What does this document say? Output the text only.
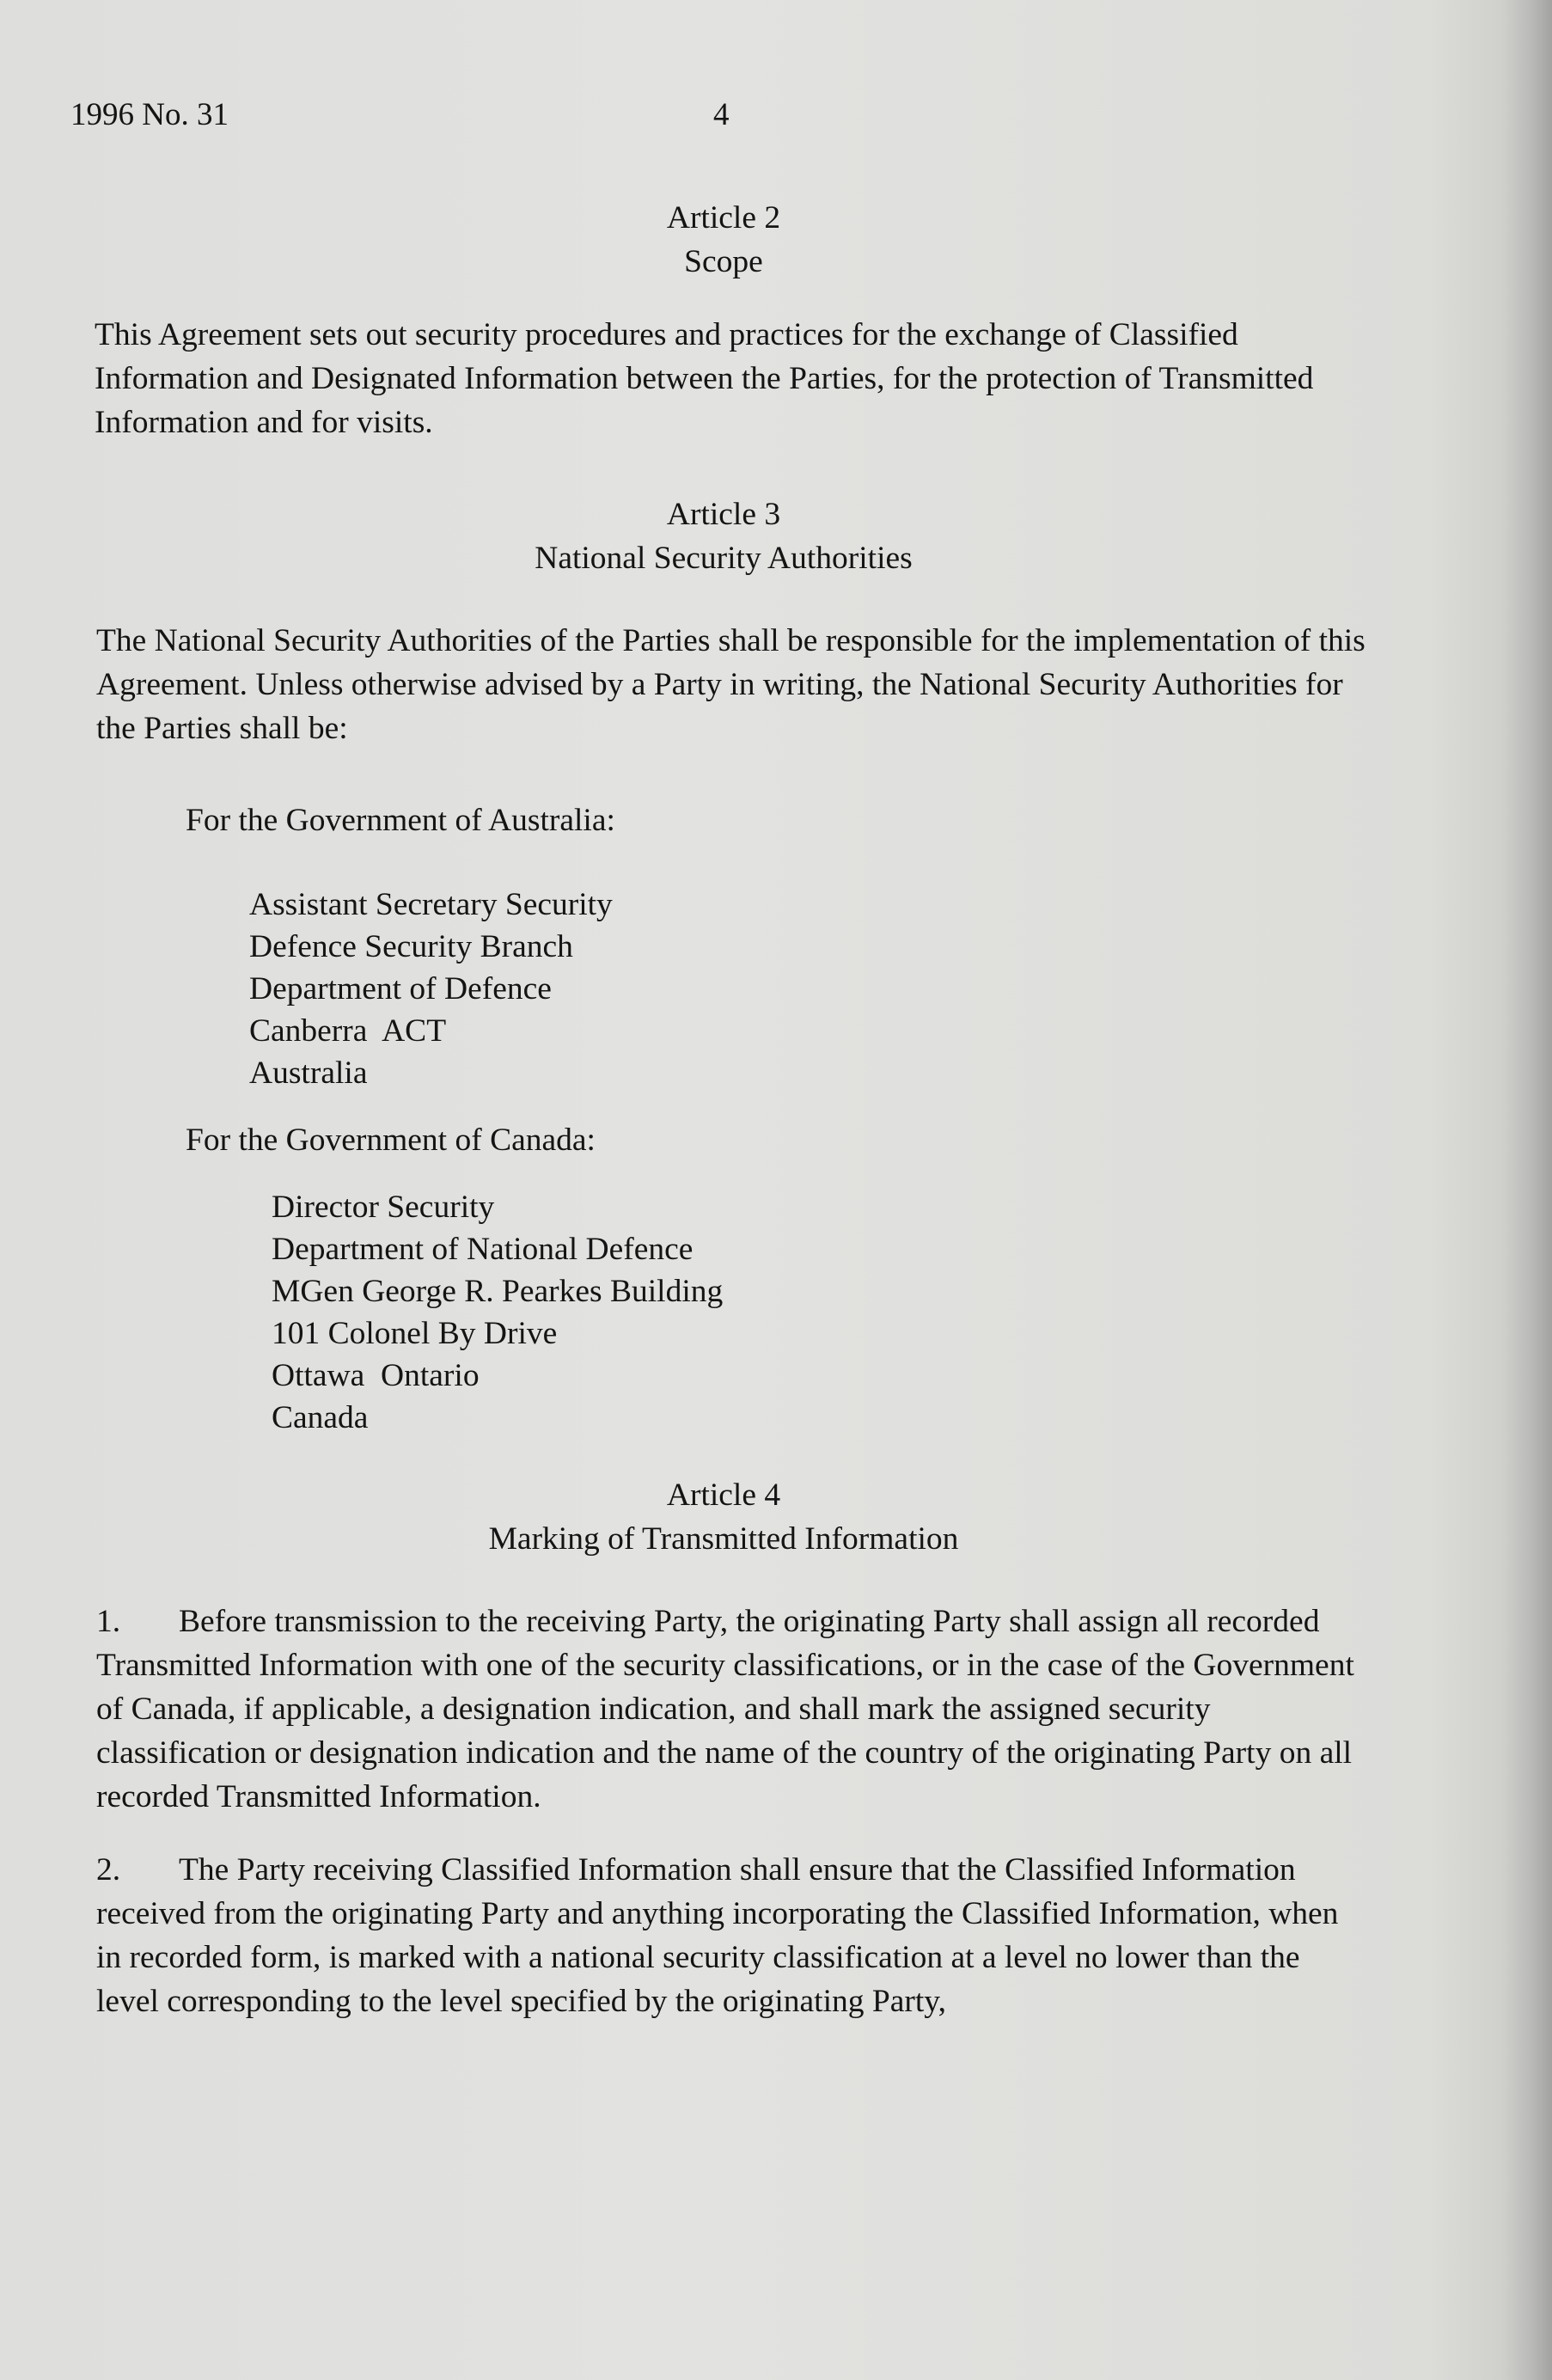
1996 No. 31	4
Article 2
Scope

This Agreement sets out security procedures and practices for the exchange of Classified Information and Designated Information between the Parties, for the protection of Transmitted Information and for visits.

Article 3
National Security Authorities

The National Security Authorities of the Parties shall be responsible for the implementation of this Agreement. Unless otherwise advised by a Party in writing, the National Security Authorities for the Parties shall be:

For the Government of Australia:
Assistant Secretary Security
Defence Security Branch
Department of Defence
Canberra  ACT
Australia
For the Government of Canada:
Director Security
Department of National Defence
MGen George R. Pearkes Building
101 Colonel By Drive
Ottawa  Ontario
Canada
Article 4
Marking of Transmitted Information

1. Before transmission to the receiving Party, the originating Party shall assign all recorded Transmitted Information with one of the security classifications, or in the case of the Government of Canada, if applicable, a designation indication, and shall mark the assigned security classification or designation indication and the name of the country of the originating Party on all recorded Transmitted Information.

2. The Party receiving Classified Information shall ensure that the Classified Information received from the originating Party and anything incorporating the Classified Information, when in recorded form, is marked with a national security classification at a level no lower than the level corresponding to the level specified by the originating Party,
